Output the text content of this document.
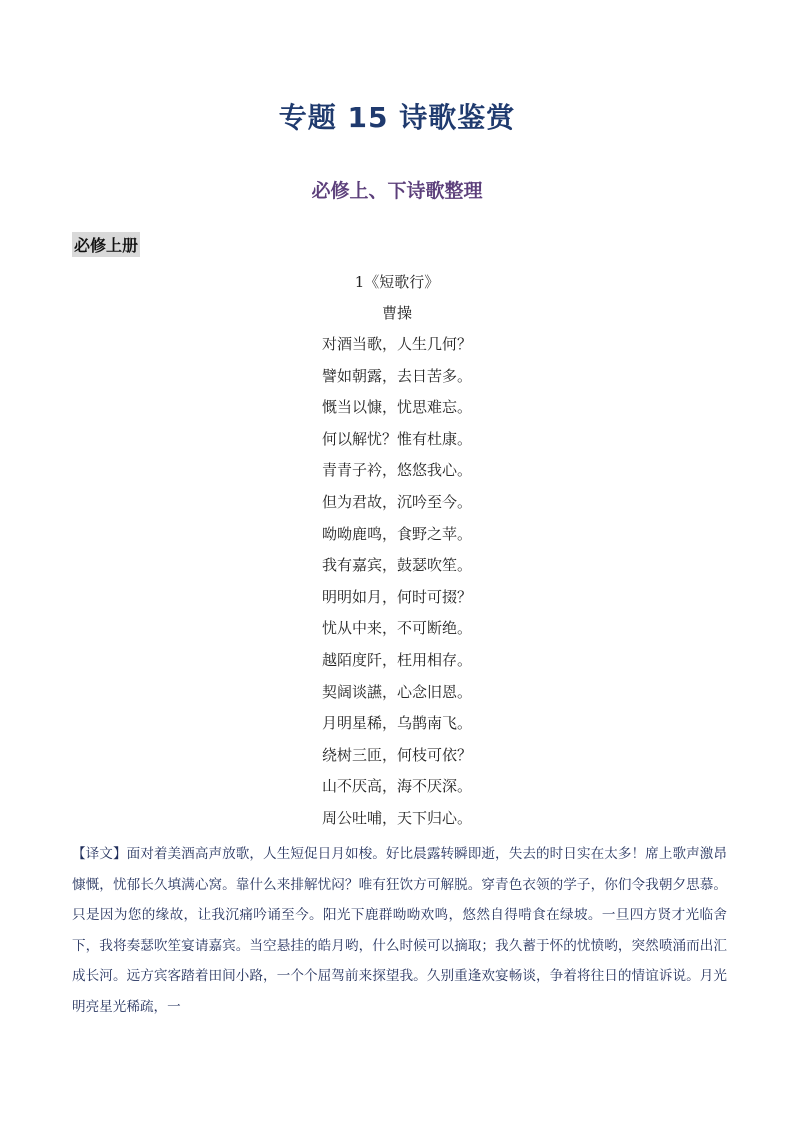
专题 15 诗歌鉴赏
必修上、下诗歌整理
必修上册
1《短歌行》
曹操
对酒当歌，人生几何？
譬如朝露，去日苦多。
慨当以慷，忧思难忘。
何以解忧？惟有杜康。
青青子衿，悠悠我心。
但为君故，沉吟至今。
呦呦鹿鸣，食野之苹。
我有嘉宾，鼓瑟吹笙。
明明如月，何时可掇？
忧从中来，不可断绝。
越陌度阡，枉用相存。
契阔谈讌，心念旧恩。
月明星稀，乌鹊南飞。
绕树三匝，何枝可依？
山不厌高，海不厌深。
周公吐哺，天下归心。

【译文】面对着美酒高声放歌，人生短促日月如梭。好比晨露转瞬即逝，失去的时日实在太多！席上歌声激昂慷慨，忧郁长久填满心窝。靠什么来排解忧闷？唯有狂饮方可解脱。穿青色衣领的学子，你们令我朝夕思慕。只是因为您的缘故，让我沉痛吟诵至今。阳光下鹿群呦呦欢鸣，悠然自得啃食在绿坡。一旦四方贤才光临舍下，我将奏瑟吹笙宴请嘉宾。当空悬挂的皓月哟，什么时候可以摘取；我久蓄于怀的忧愤哟，突然喷涌而出汇成长河。远方宾客踏着田间小路，一个个屈驾前来探望我。久别重逢欢宴畅谈，争着将往日的情谊诉说。月光明亮星光稀疏，一
